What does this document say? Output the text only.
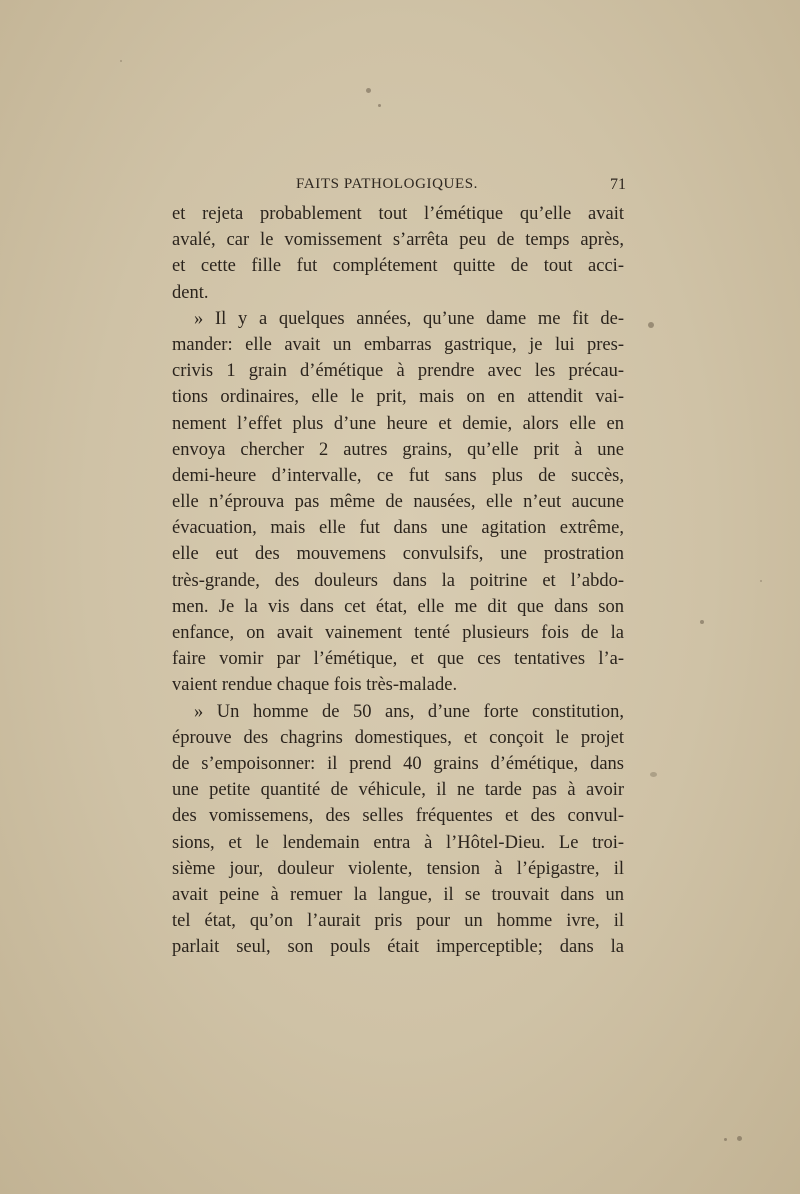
FAITS PATHOLOGIQUES.	71
et rejeta probablement tout l’émétique qu’elle avait
avalé, car le vomissement s’arrêta peu de temps après,
et cette fille fut complétement quitte de tout acci-
dent.
» Il y a quelques années, qu’une dame me fit de-
mander: elle avait un embarras gastrique, je lui pres-
crivis 1 grain d’émétique à prendre avec les précau-
tions ordinaires, elle le prit, mais on en attendit vai-
nement l’effet plus d’une heure et demie, alors elle en
envoya chercher 2 autres grains, qu’elle prit à une
demi-heure d’intervalle, ce fut sans plus de succès,
elle n’éprouva pas même de nausées, elle n’eut aucune
évacuation, mais elle fut dans une agitation extrême,
elle eut des mouvemens convulsifs, une prostration
très-grande, des douleurs dans la poitrine et l’abdo-
men. Je la vis dans cet état, elle me dit que dans son
enfance, on avait vainement tenté plusieurs fois de la
faire vomir par l’émétique, et que ces tentatives l’a-
vaient rendue chaque fois très-malade.
» Un homme de 50 ans, d’une forte constitution,
éprouve des chagrins domestiques, et conçoit le projet
de s’empoisonner: il prend 40 grains d’émétique, dans
une petite quantité de véhicule, il ne tarde pas à avoir
des vomissemens, des selles fréquentes et des convul-
sions, et le lendemain entra à l’Hôtel-Dieu. Le troi-
sième jour, douleur violente, tension à l’épigastre, il
avait peine à remuer la langue, il se trouvait dans un
tel état, qu’on l’aurait pris pour un homme ivre, il
parlait seul, son pouls était imperceptible; dans la
